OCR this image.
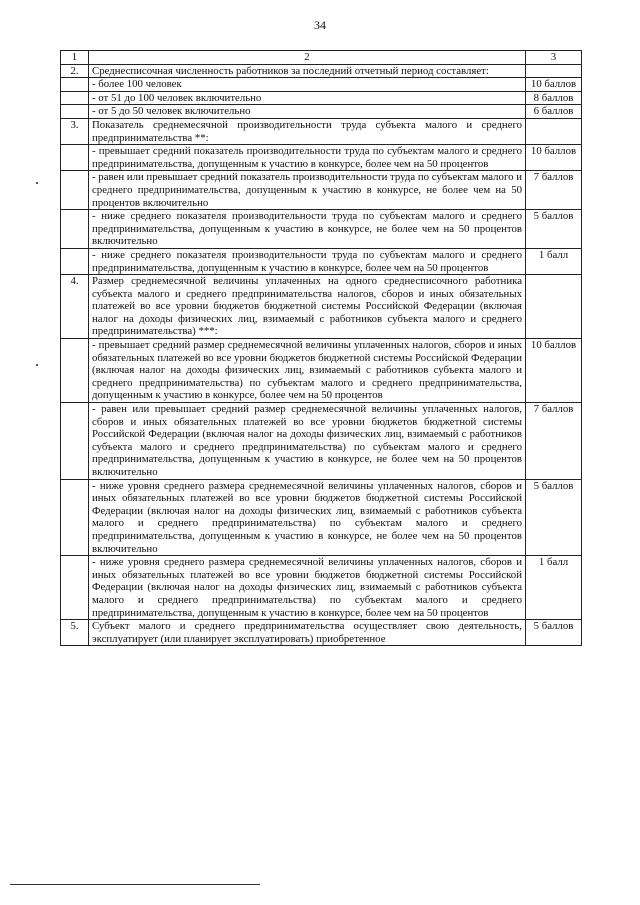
34
1	2	3
2.	Среднесписочная численность работников за последний отчетный период составляет:	
	- более 100 человек	10 баллов
	- от 51 до 100 человек включительно	8 баллов
	- от 5 до 50 человек включительно	6 баллов
3.	Показатель среднемесячной производительности труда субъекта малого и среднего предпринимательства **:	
	- превышает средний показатель производительности труда по субъектам малого и среднего предпринимательства, допущенным к участию в конкурсе, более чем на 50 процентов	10 баллов
	- равен или превышает средний показатель производительности труда по субъектам малого и среднего предпринимательства, допущенным к участию в конкурсе, не более чем на 50 процентов включительно	7 баллов
	- ниже среднего показателя производительности труда по субъектам малого и среднего предпринимательства, допущенным к участию в конкурсе, не более чем на 50 процентов включительно	5 баллов
	- ниже среднего показателя производительности труда по субъектам малого и среднего предпринимательства, допущенным к участию в конкурсе, более чем на 50 процентов	1 балл
4.	Размер среднемесячной величины уплаченных на одного среднесписочного работника субъекта малого и среднего предпринимательства налогов, сборов и иных обязательных платежей во все уровни бюджетов бюджетной системы Российской Федерации (включая налог на доходы физических лиц, взимаемый с работников субъекта малого и среднего предпринимательства) ***:	
	- превышает средний размер среднемесячной величины уплаченных налогов, сборов и иных обязательных платежей во все уровни бюджетов бюджетной системы Российской Федерации (включая налог на доходы физических лиц, взимаемый с работников субъекта малого и среднего предпринимательства) по субъектам малого и среднего предпринимательства, допущенным к участию в конкурсе, более чем на 50 процентов	10 баллов
	- равен или превышает средний размер среднемесячной величины уплаченных налогов, сборов и иных обязательных платежей во все уровни бюджетов бюджетной системы Российской Федерации (включая налог на доходы физических лиц, взимаемый с работников субъекта малого и среднего предпринимательства) по субъектам малого и среднего предпринимательства, допущенным к участию в конкурсе, не более чем на 50 процентов включительно	7 баллов
	- ниже уровня среднего размера среднемесячной величины уплаченных налогов, сборов и иных обязательных платежей во все уровни бюджетов бюджетной системы Российской Федерации (включая налог на доходы физических лиц, взимаемый с работников субъекта малого и среднего предпринимательства) по субъектам малого и среднего предпринимательства, допущенным к участию в конкурсе, не более чем на 50 процентов включительно	5 баллов
	- ниже уровня среднего размера среднемесячной величины уплаченных налогов, сборов и иных обязательных платежей во все уровни бюджетов бюджетной системы Российской Федерации (включая налог на доходы физических лиц, взимаемый с работников субъекта малого и среднего предпринимательства) по субъектам малого и среднего предпринимательства, допущенным к участию в конкурсе, более чем на 50 процентов	1 балл
5.	Субъект малого и среднего предпринимательства осуществляет свою деятельность, эксплуатирует (или планирует эксплуатировать) приобретенное	5 баллов
